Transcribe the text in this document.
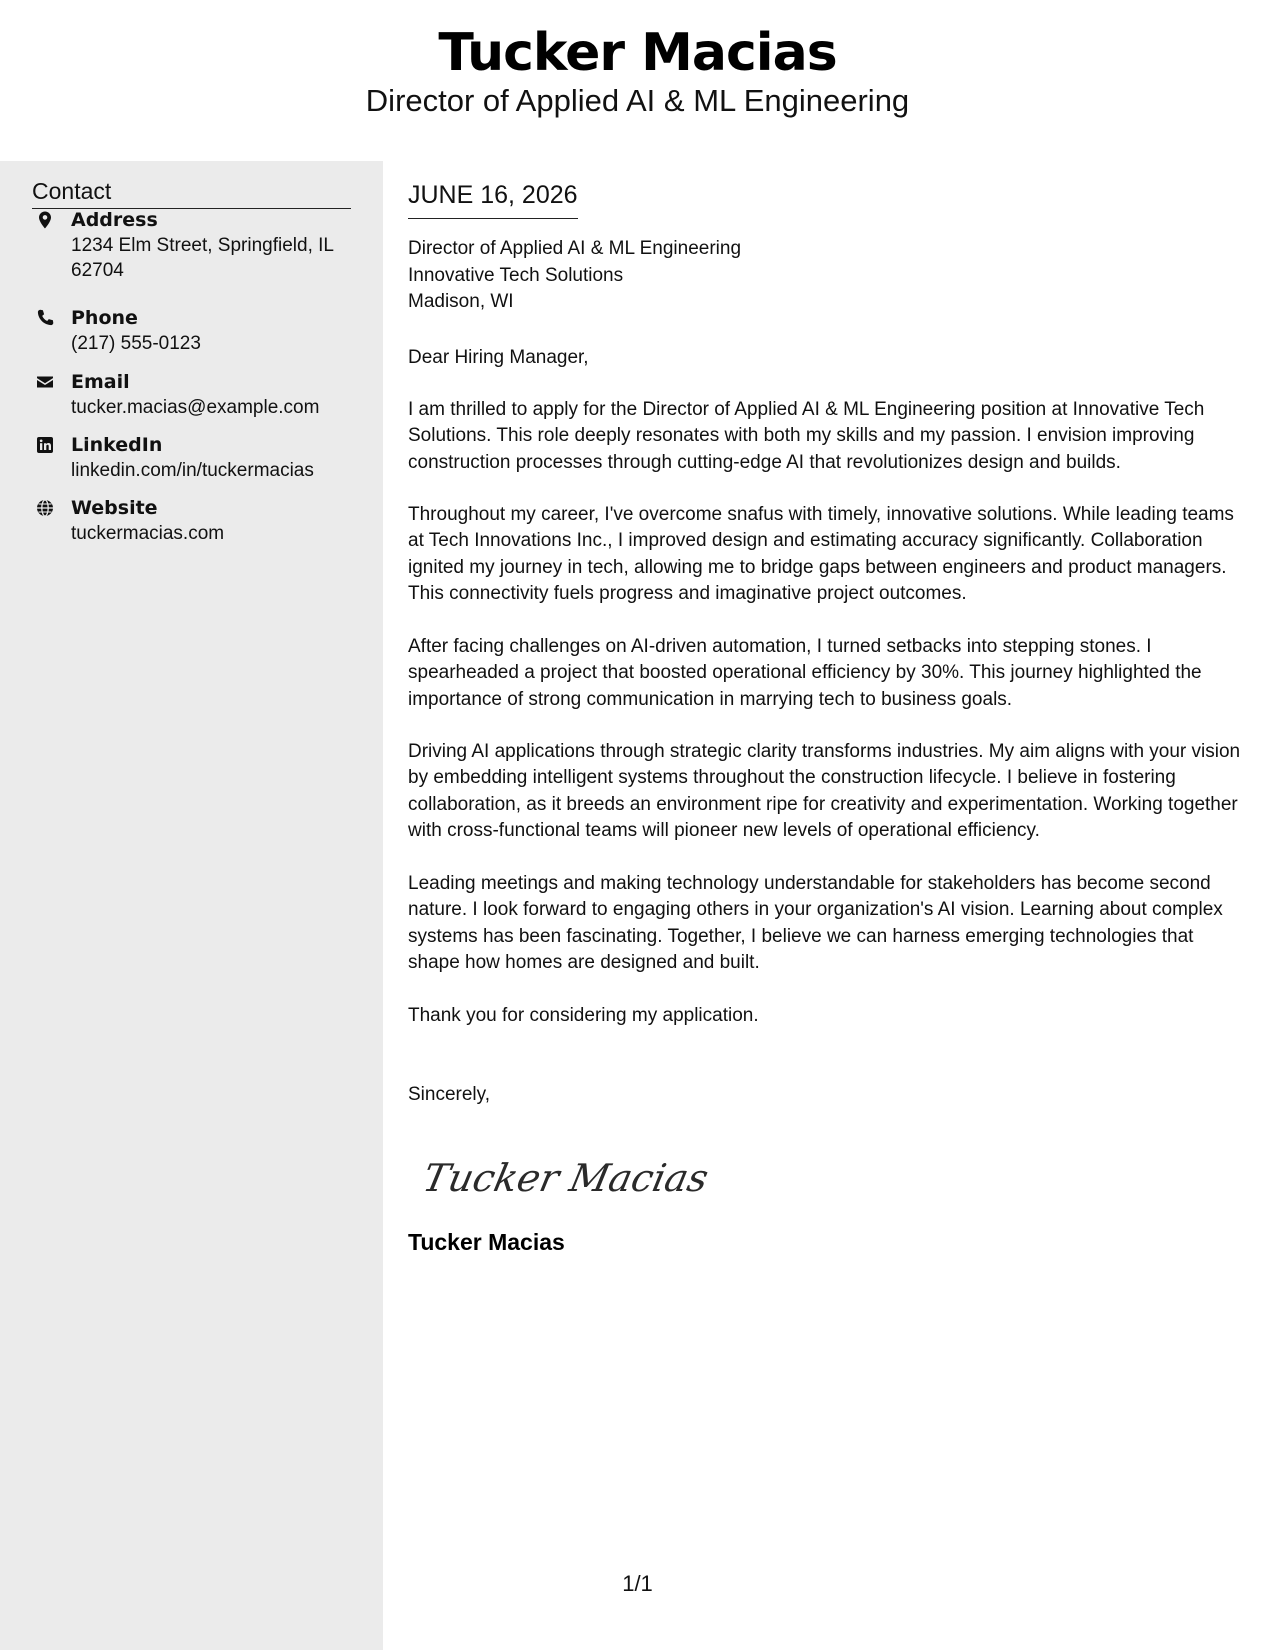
Tucker Macias
Director of Applied AI & ML Engineering
Contact
Address
1234 Elm Street, Springfield, IL 62704
Phone
(217) 555-0123
Email
tucker.macias@example.com
LinkedIn
linkedin.com/in/tuckermacias
Website
tuckermacias.com
JUNE 16, 2026
Director of Applied AI & ML Engineering
Innovative Tech Solutions
Madison, WI

Dear Hiring Manager,

I am thrilled to apply for the Director of Applied AI & ML Engineering position at Innovative Tech Solutions. This role deeply resonates with both my skills and my passion. I envision improving construction processes through cutting-edge AI that revolutionizes design and builds.

Throughout my career, I've overcome snafus with timely, innovative solutions. While leading teams at Tech Innovations Inc., I improved design and estimating accuracy significantly. Collaboration ignited my journey in tech, allowing me to bridge gaps between engineers and product managers. This connectivity fuels progress and imaginative project outcomes.

After facing challenges on AI-driven automation, I turned setbacks into stepping stones. I spearheaded a project that boosted operational efficiency by 30%. This journey highlighted the importance of strong communication in marrying tech to business goals.

Driving AI applications through strategic clarity transforms industries. My aim aligns with your vision by embedding intelligent systems throughout the construction lifecycle. I believe in fostering collaboration, as it breeds an environment ripe for creativity and experimentation. Working together with cross-functional teams will pioneer new levels of operational efficiency.

Leading meetings and making technology understandable for stakeholders has become second nature. I look forward to engaging others in your organization's AI vision. Learning about complex systems has been fascinating. Together, I believe we can harness emerging technologies that shape how homes are designed and built.

Thank you for considering my application.

Sincerely,

Tucker Macias
Tucker Macias
1/1
